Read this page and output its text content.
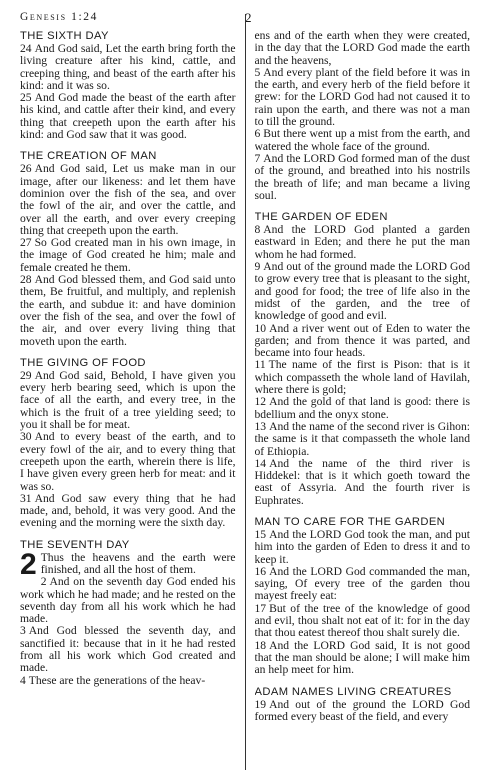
Genesis 1:24	2
THE SIXTH DAY

24 And God said, Let the earth bring forth the living creature after his kind, cattle, and creeping thing, and beast of the earth after his kind: and it was so.

25 And God made the beast of the earth after his kind, and cattle after their kind, and every thing that creepeth upon the earth after his kind: and God saw that it was good.

THE CREATION OF MAN

26 And God said, Let us make man in our image, after our likeness: and let them have dominion over the fish of the sea, and over the fowl of the air, and over the cattle, and over all the earth, and over every creeping thing that creepeth upon the earth.

27 So God created man in his own image, in the image of God created he him; male and female created he them.

28 And God blessed them, and God said unto them, Be fruitful, and multiply, and replenish the earth, and subdue it: and have dominion over the fish of the sea, and over the fowl of the air, and over every living thing that moveth upon the earth.

THE GIVING OF FOOD

29 And God said, Behold, I have given you every herb bearing seed, which is upon the face of all the earth, and every tree, in the which is the fruit of a tree yielding seed; to you it shall be for meat.

30 And to every beast of the earth, and to every fowl of the air, and to every thing that creepeth upon the earth, wherein there is life, I have given every green herb for meat: and it was so.

31 And God saw every thing that he had made, and, behold, it was very good. And the evening and the morning were the sixth day.

THE SEVENTH DAY

2 Thus the heavens and the earth were finished, and all the host of them.

2 And on the seventh day God ended his work which he had made; and he rested on the seventh day from all his work which he had made.

3 And God blessed the seventh day, and sanctified it: because that in it he had rested from all his work which God created and made.

4 These are the generations of the heav-

ens and of the earth when they were created, in the day that the LORD God made the earth and the heavens,

5 And every plant of the field before it was in the earth, and every herb of the field before it grew: for the LORD God had not caused it to rain upon the earth, and there was not a man to till the ground.

6 But there went up a mist from the earth, and watered the whole face of the ground.

7 And the LORD God formed man of the dust of the ground, and breathed into his nostrils the breath of life; and man became a living soul.

THE GARDEN OF EDEN

8 And the LORD God planted a garden eastward in Eden; and there he put the man whom he had formed.

9 And out of the ground made the LORD God to grow every tree that is pleasant to the sight, and good for food; the tree of life also in the midst of the garden, and the tree of knowledge of good and evil.

10 And a river went out of Eden to water the garden; and from thence it was parted, and became into four heads.

11 The name of the first is Pison: that is it which compasseth the whole land of Havilah, where there is gold;

12 And the gold of that land is good: there is bdellium and the onyx stone.

13 And the name of the second river is Gihon: the same is it that compasseth the whole land of Ethiopia.

14 And the name of the third river is Hiddekel: that is it which goeth toward the east of Assyria. And the fourth river is Euphrates.

MAN TO CARE FOR THE GARDEN

15 And the LORD God took the man, and put him into the garden of Eden to dress it and to keep it.

16 And the LORD God commanded the man, saying, Of every tree of the garden thou mayest freely eat:

17 But of the tree of the knowledge of good and evil, thou shalt not eat of it: for in the day that thou eatest thereof thou shalt surely die.

18 And the LORD God said, It is not good that the man should be alone; I will make him an help meet for him.

ADAM NAMES LIVING CREATURES

19 And out of the ground the LORD God formed every beast of the field, and every
